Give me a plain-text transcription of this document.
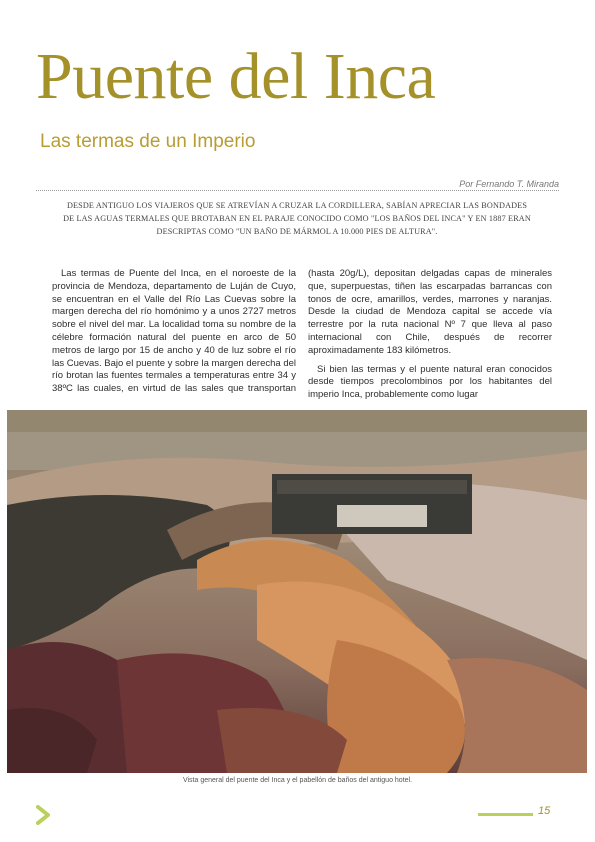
Puente del Inca
Las termas de un Imperio
Por Fernando T. Miranda

DESDE ANTIGUO LOS VIAJEROS QUE SE ATREVÍAN A CRUZAR LA CORDILLERA, SABÍAN APRECIAR LAS BONDADES DE LAS AGUAS TERMALES QUE BROTABAN EN EL PARAJE CONOCIDO COMO "LOS BAÑOS DEL INCA" Y EN 1887 ERAN DESCRIPTAS COMO "UN BAÑO DE MÁRMOL A 10.000 PIES DE ALTURA".

Las termas de Puente del Inca, en el noroeste de la provincia de Mendoza, departamento de Luján de Cuyo, se encuentran en el Valle del Río Las Cuevas sobre la margen derecha del río homónimo y a unos 2727 metros sobre el nivel del mar. La localidad toma su nombre de la célebre formación natural del puente en arco de 50 metros de largo por 15 de ancho y 40 de luz sobre el río las Cuevas. Bajo el puente y sobre la margen derecha del río brotan las fuentes termales a temperaturas entre 34 y 38ºC las cuales, en virtud de las sales que transportan (hasta 20g/L), depositan delgadas capas de minerales que, superpuestas, tiñen las escarpadas barrancas con tonos de ocre, amarillos, verdes, marrones y naranjas. Desde la ciudad de Mendoza capital se accede vía terrestre por la ruta nacional Nº 7 que lleva al paso internacional con Chile, después de recorrer aproximadamente 183 kilómetros.

Si bien las termas y el puente natural eran conocidos desde tiempos precolombinos por los habitantes del imperio Inca, probablemente como lugar

Vista general del puente del Inca y el pabellón de baños del antiguo hotel.
15
